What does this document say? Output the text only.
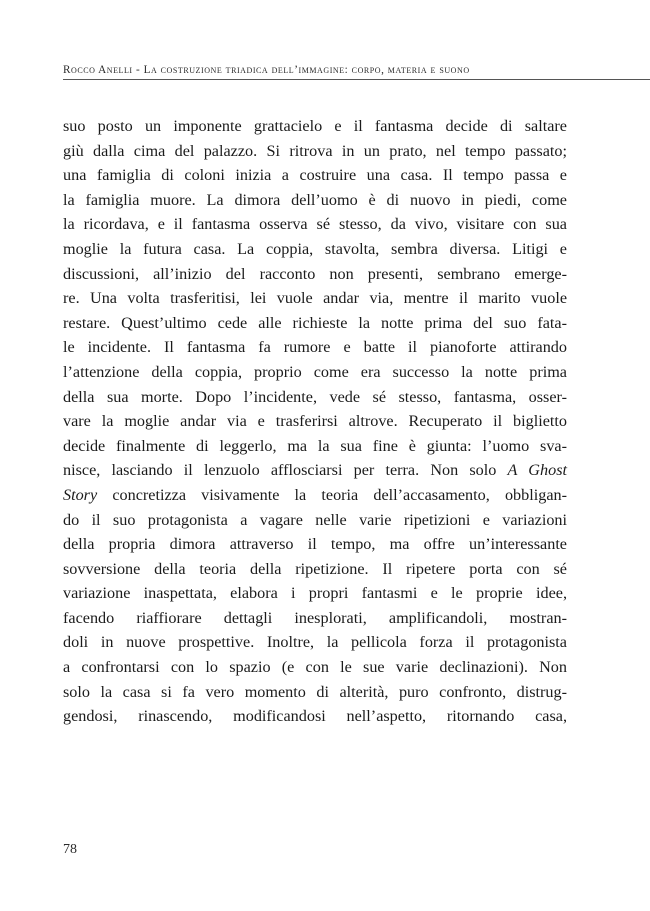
Rocco Anelli - La costruzione triadica dell’immagine: corpo, materia e suono
suo posto un imponente grattacielo e il fantasma decide di saltare
giù dalla cima del palazzo. Si ritrova in un prato, nel tempo passato;
una famiglia di coloni inizia a costruire una casa. Il tempo passa e
la famiglia muore. La dimora dell’uomo è di nuovo in piedi, come
la ricordava, e il fantasma osserva sé stesso, da vivo, visitare con sua
moglie la futura casa. La coppia, stavolta, sembra diversa. Litigi e
discussioni, all’inizio del racconto non presenti, sembrano emerge-
re. Una volta trasferitisi, lei vuole andar via, mentre il marito vuole
restare. Quest’ultimo cede alle richieste la notte prima del suo fata-
le incidente. Il fantasma fa rumore e batte il pianoforte attirando
l’attenzione della coppia, proprio come era successo la notte prima
della sua morte. Dopo l’incidente, vede sé stesso, fantasma, osser-
vare la moglie andar via e trasferirsi altrove. Recuperato il biglietto
decide finalmente di leggerlo, ma la sua fine è giunta: l’uomo sva-
nisce, lasciando il lenzuolo afflosciarsi per terra. Non solo A Ghost
Story concretizza visivamente la teoria dell’accasamento, obbligan-
do il suo protagonista a vagare nelle varie ripetizioni e variazioni
della propria dimora attraverso il tempo, ma offre un’interessante
sovversione della teoria della ripetizione. Il ripetere porta con sé
variazione inaspettata, elabora i propri fantasmi e le proprie idee,
facendo riaffiorare dettagli inesplorati, amplificandoli, mostran-
doli in nuove prospettive. Inoltre, la pellicola forza il protagonista
a confrontarsi con lo spazio (e con le sue varie declinazioni). Non
solo la casa si fa vero momento di alterità, puro confronto, distrug-
gendosi, rinascendo, modificandosi nell’aspetto, ritornando casa,
78
